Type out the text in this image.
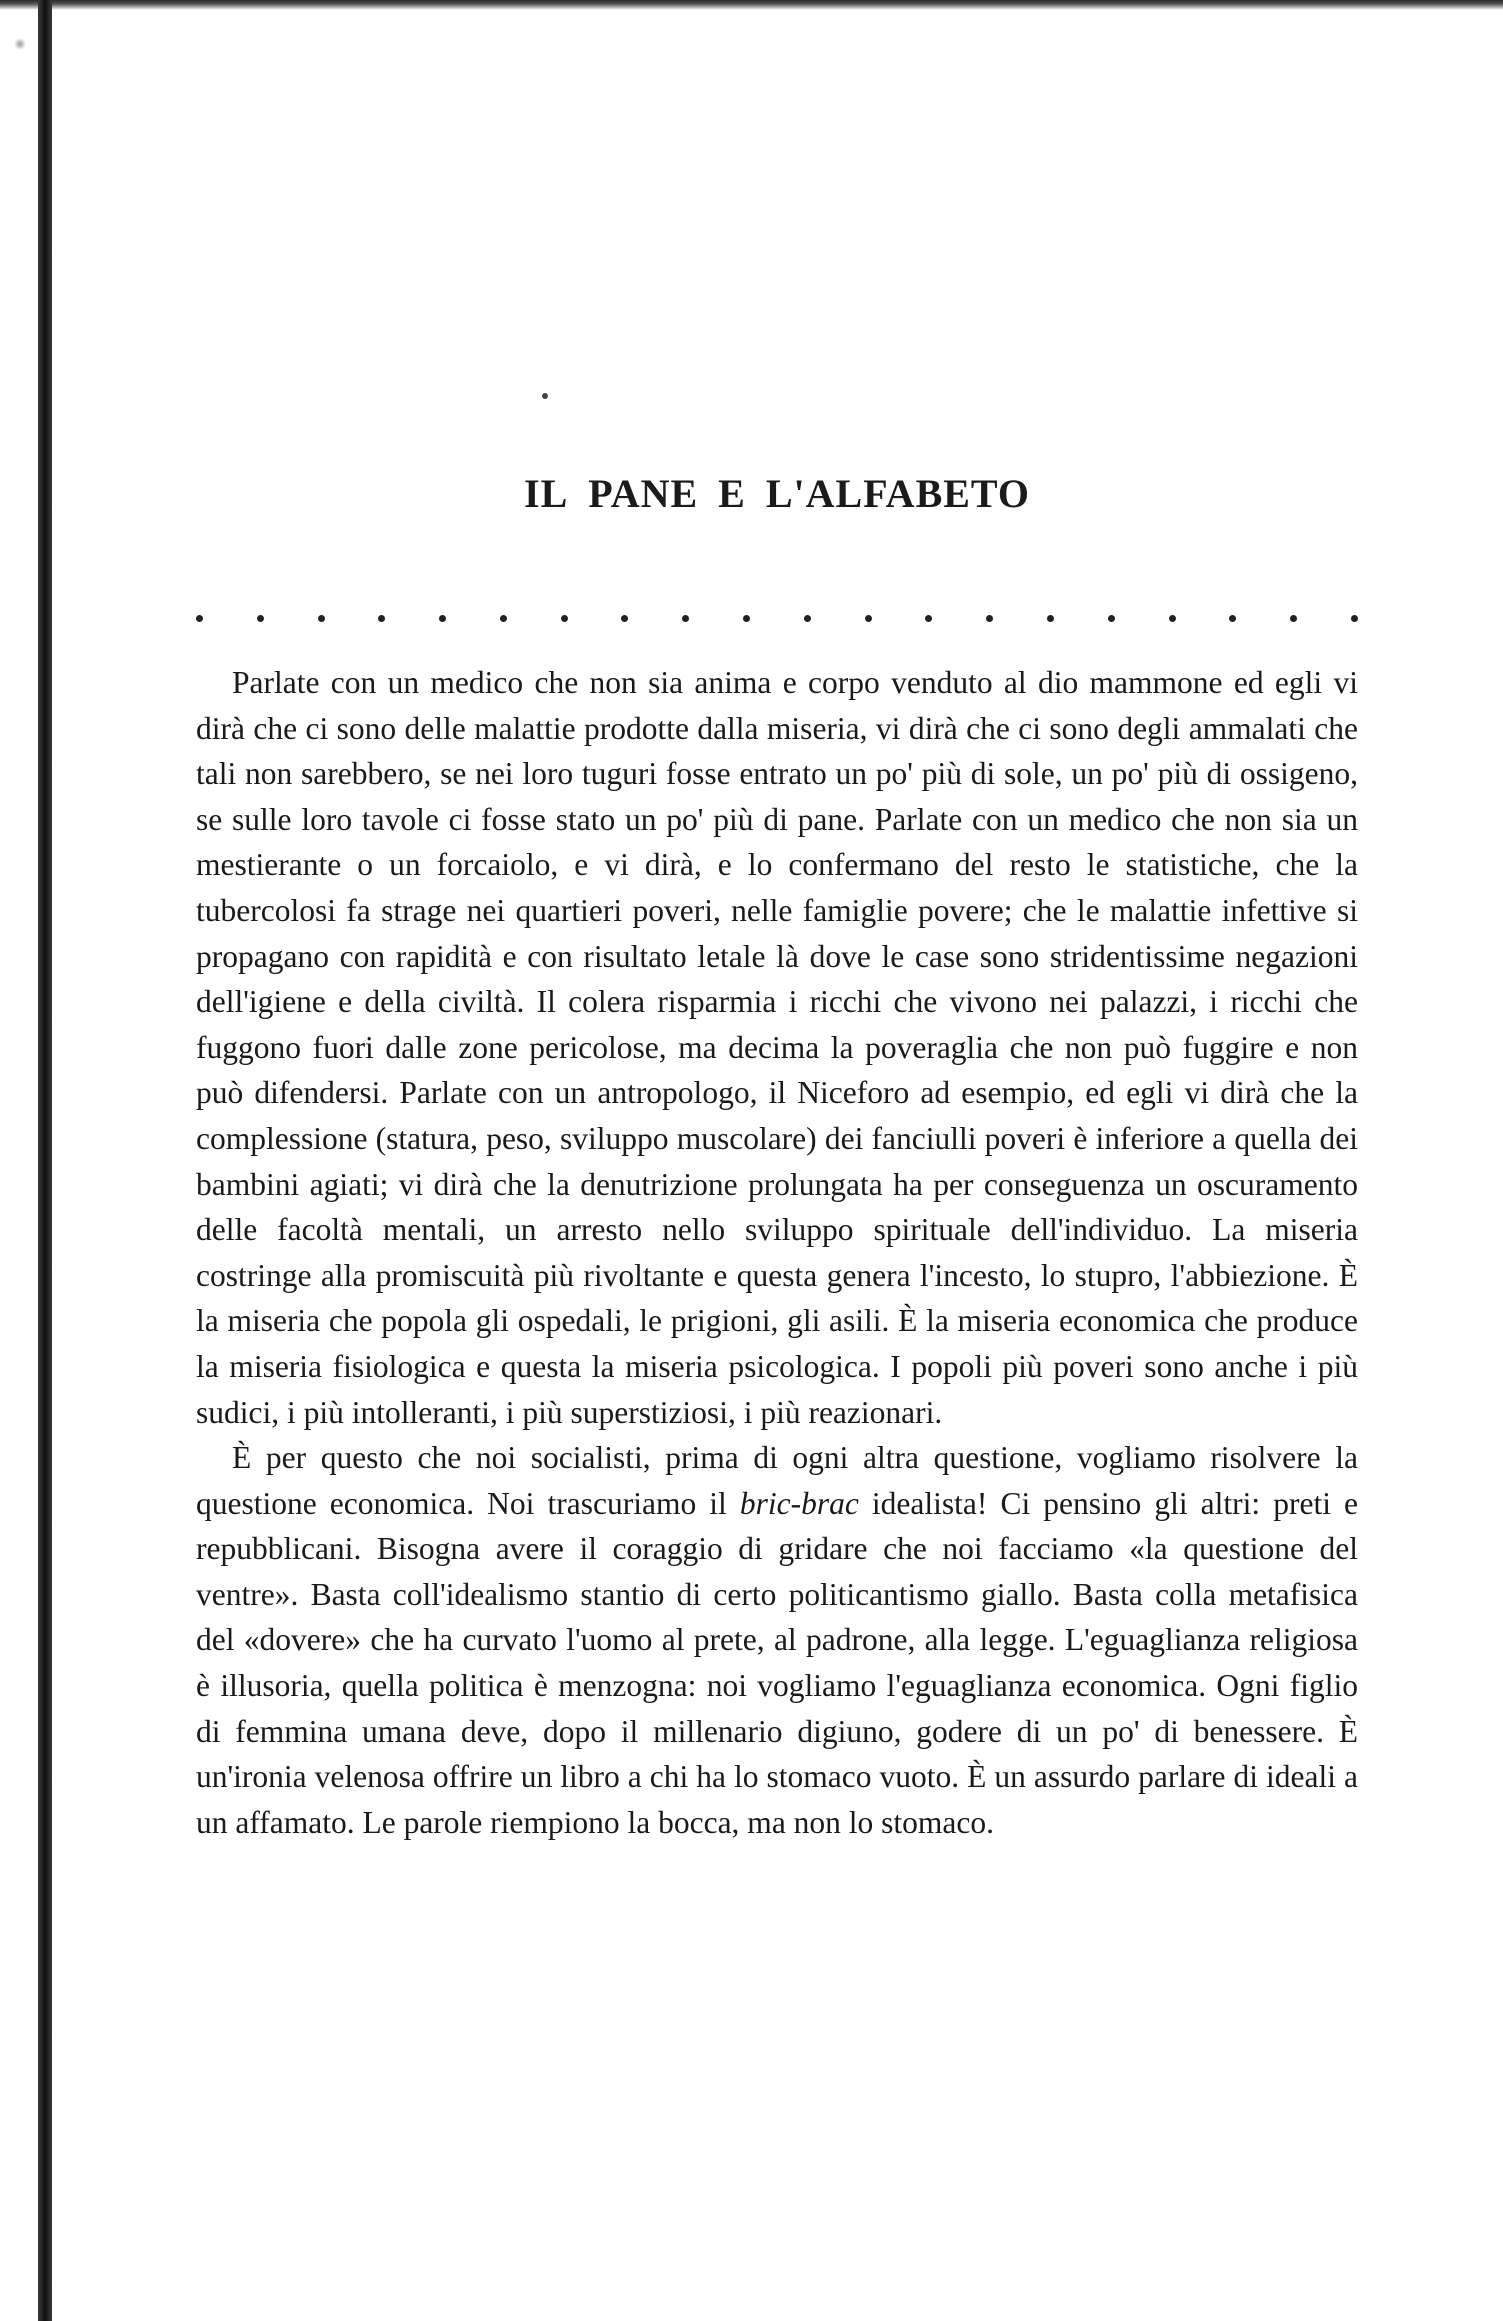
IL PANE E L'ALFABETO

Parlate con un medico che non sia anima e corpo venduto al dio mammone ed egli vi dirà che ci sono delle malattie prodotte dalla miseria, vi dirà che ci sono degli ammalati che tali non sarebbero, se nei loro tuguri fosse entrato un po' più di sole, un po' più di ossigeno, se sulle loro tavole ci fosse stato un po' più di pane. Parlate con un medico che non sia un mestierante o un forcaiolo, e vi dirà, e lo confermano del resto le statistiche, che la tubercolosi fa strage nei quartieri poveri, nelle famiglie povere; che le malattie infettive si propagano con rapidità e con risultato letale là dove le case sono stridentissime negazioni dell'igiene e della civiltà. Il colera risparmia i ricchi che vivono nei palazzi, i ricchi che fuggono fuori dalle zone pericolose, ma decima la poveraglia che non può fuggire e non può difendersi. Parlate con un antropologo, il Niceforo ad esempio, ed egli vi dirà che la complessione (statura, peso, sviluppo muscolare) dei fanciulli poveri è inferiore a quella dei bambini agiati; vi dirà che la denutrizione prolungata ha per conseguenza un oscuramento delle facoltà mentali, un arresto nello sviluppo spirituale dell'individuo. La miseria costringe alla promiscuità più rivoltante e questa genera l'incesto, lo stupro, l'abbiezione. È la miseria che popola gli ospedali, le prigioni, gli asili. È la miseria economica che produce la miseria fisiologica e questa la miseria psicologica. I popoli più poveri sono anche i più sudici, i più intolleranti, i più superstiziosi, i più reazionari.

È per questo che noi socialisti, prima di ogni altra questione, vogliamo risolvere la questione economica. Noi trascuriamo il bric-brac idealista! Ci pensino gli altri: preti e repubblicani. Bisogna avere il coraggio di gridare che noi facciamo «la questione del ventre». Basta coll'idealismo stantio di certo politicantismo giallo. Basta colla metafisica del «dovere» che ha curvato l'uomo al prete, al padrone, alla legge. L'eguaglianza religiosa è illusoria, quella politica è menzogna: noi vogliamo l'eguaglianza economica. Ogni figlio di femmina umana deve, dopo il millenario digiuno, godere di un po' di benessere. È un'ironia velenosa offrire un libro a chi ha lo stomaco vuoto. È un assurdo parlare di ideali a un affamato. Le parole riempiono la bocca, ma non lo stomaco.
